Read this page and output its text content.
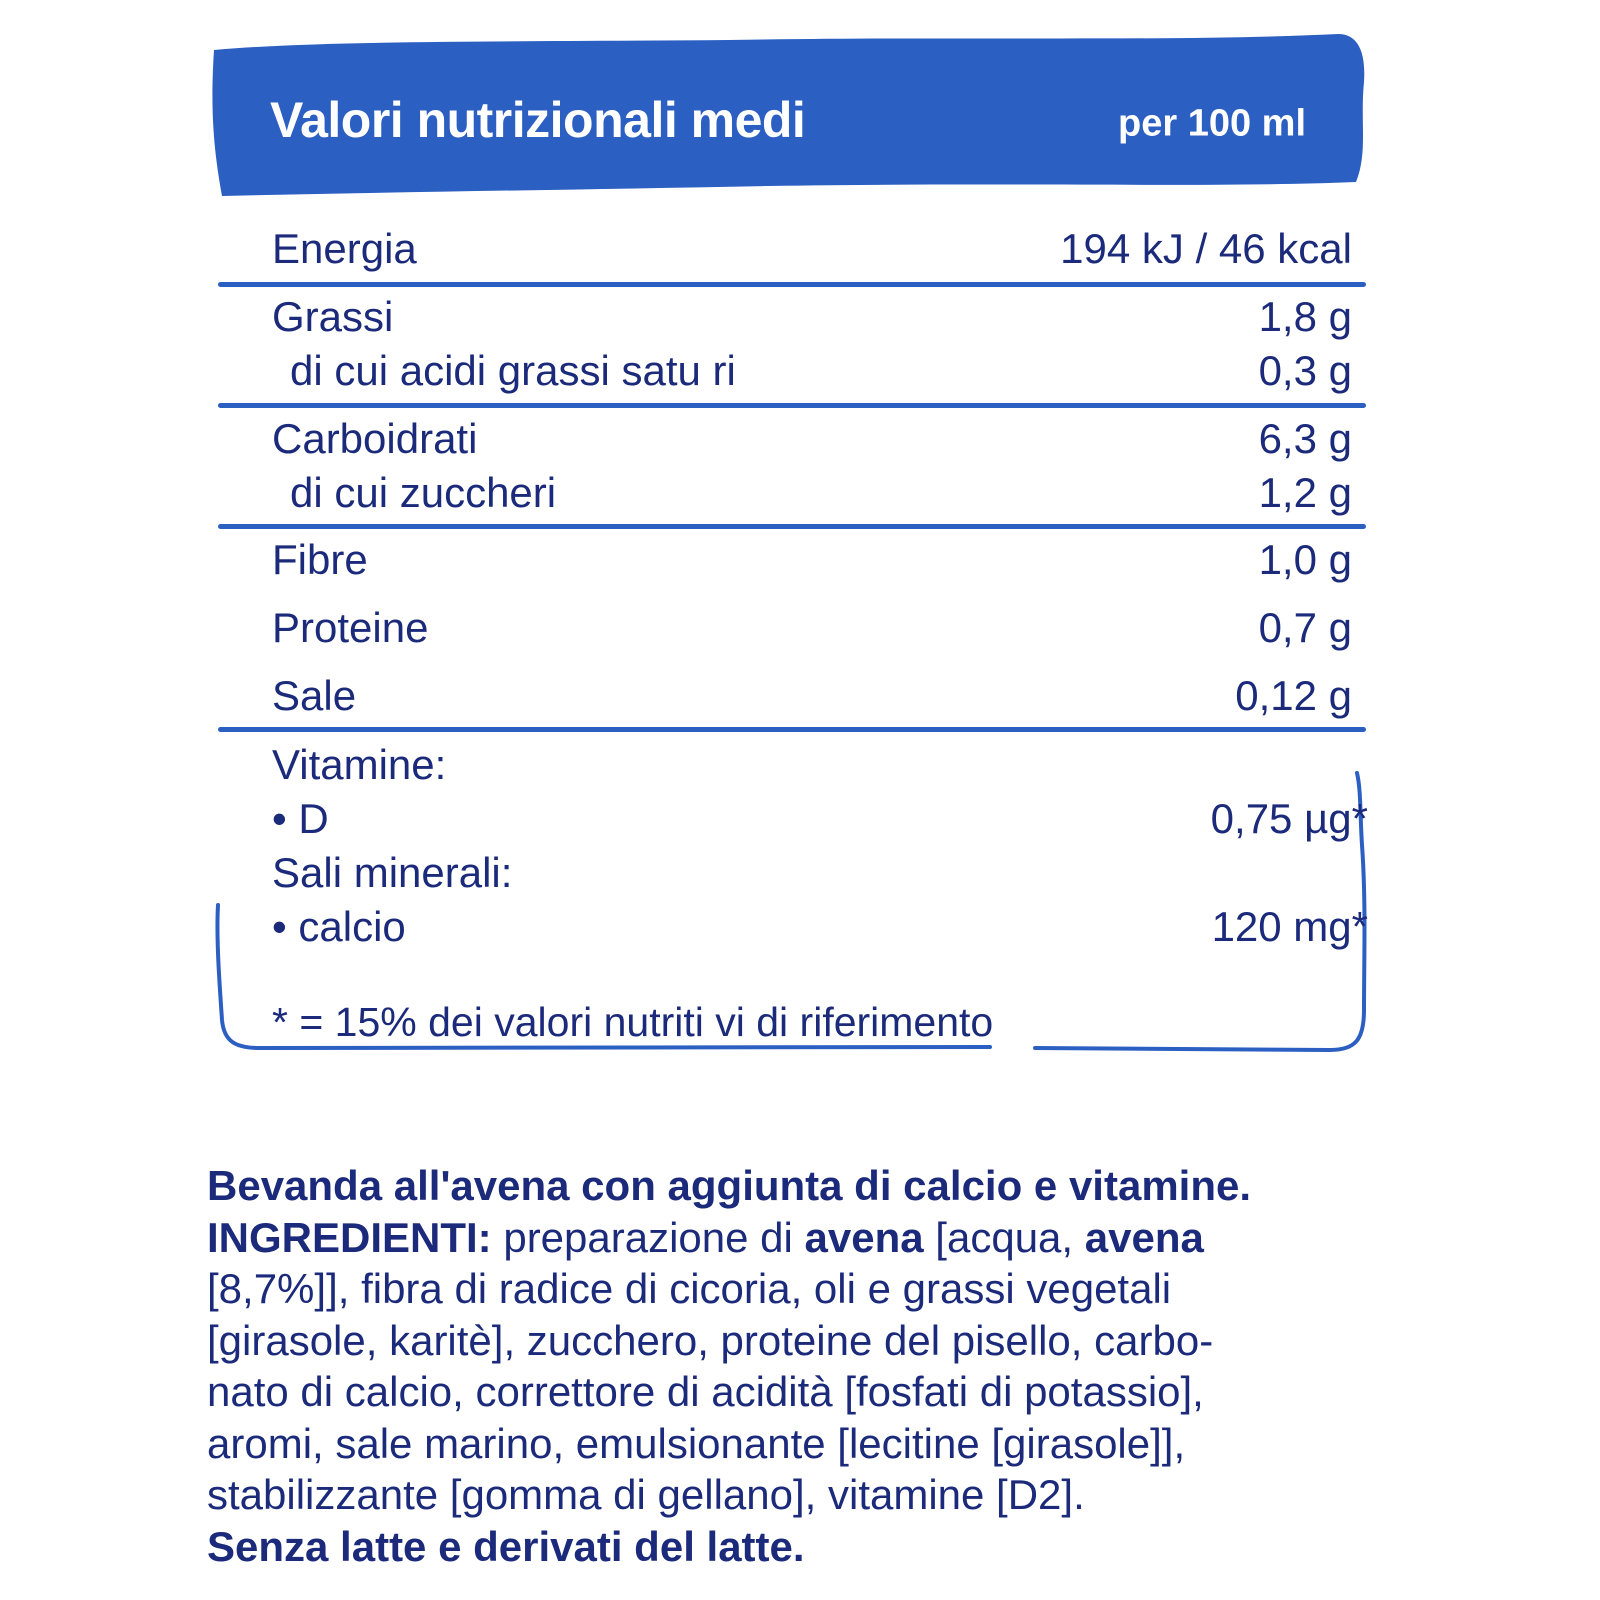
Valori nutrizionali medi	per 100 ml
Energia	194 kJ / 46 kcal
Grassi	1,8 g
di cui acidi grassi satu ri	0,3 g
Carboidrati	6,3 g
di cui zuccheri	1,2 g
Fibre	1,0 g
Proteine	0,7 g
Sale	0,12 g
Vitamine:
• D	0,75 µg*
Sali minerali:
• calcio	120 mg*
* = 15% dei valori nutriti vi di riferimento
Bevanda all'avena con aggiunta di calcio e vitamine.
INGREDIENTI: preparazione di avena [acqua, avena
[8,7%]], fibra di radice di cicoria, oli e grassi vegetali
[girasole, karitè], zucchero, proteine del pisello, carbo-
nato di calcio, correttore di acidità [fosfati di potassio],
aromi, sale marino, emulsionante [lecitine [girasole]],
stabilizzante [gomma di gellano], vitamine [D2].
Senza latte e derivati del latte.
